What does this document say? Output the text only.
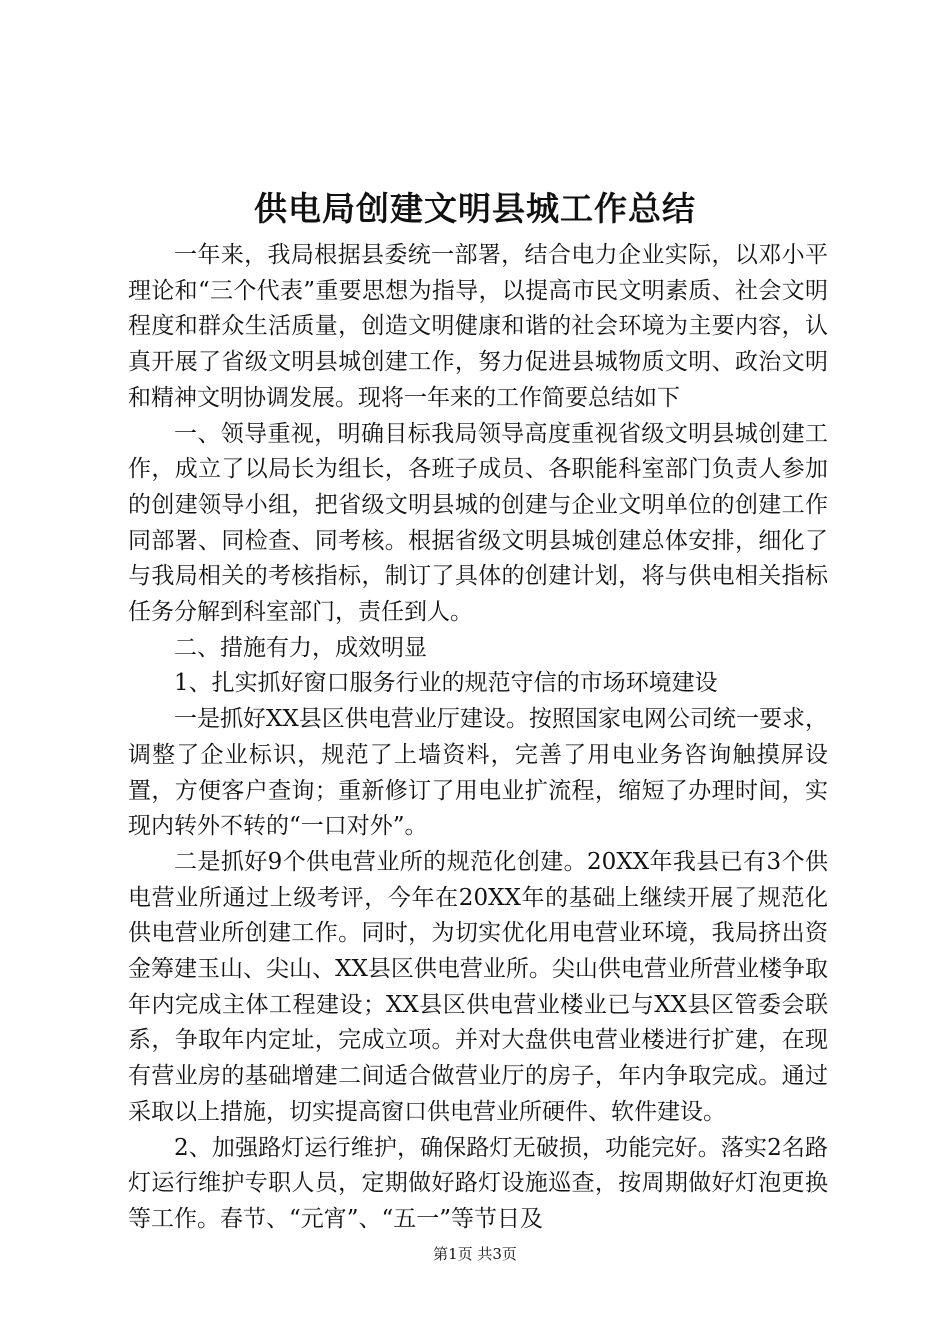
供电局创建文明县城工作总结

一年来，我局根据县委统一部署，结合电力企业实际，以邓小平理论和“三个代表”重要思想为指导，以提高市民文明素质、社会文明程度和群众生活质量，创造文明健康和谐的社会环境为主要内容，认真开展了省级文明县城创建工作，努力促进县城物质文明、政治文明和精神文明协调发展。现将一年来的工作简要总结如下

一、领导重视，明确目标我局领导高度重视省级文明县城创建工作，成立了以局长为组长，各班子成员、各职能科室部门负责人参加的创建领导小组，把省级文明县城的创建与企业文明单位的创建工作同部署、同检查、同考核。根据省级文明县城创建总体安排，细化了与我局相关的考核指标，制订了具体的创建计划，将与供电相关指标任务分解到科室部门，责任到人。

二、措施有力，成效明显

1、扎实抓好窗口服务行业的规范守信的市场环境建设

一是抓好XX县区供电营业厅建设。按照国家电网公司统一要求，调整了企业标识，规范了上墙资料，完善了用电业务咨询触摸屏设置，方便客户查询；重新修订了用电业扩流程，缩短了办理时间，实现内转外不转的“一口对外”。

二是抓好9个供电营业所的规范化创建。20XX年我县已有3个供电营业所通过上级考评，今年在20XX年的基础上继续开展了规范化供电营业所创建工作。同时，为切实优化用电营业环境，我局挤出资金筹建玉山、尖山、XX县区供电营业所。尖山供电营业所营业楼争取年内完成主体工程建设；XX县区供电营业楼业已与XX县区管委会联系，争取年内定址，完成立项。并对大盘供电营业楼进行扩建，在现有营业房的基础增建二间适合做营业厅的房子，年内争取完成。通过采取以上措施，切实提高窗口供电营业所硬件、软件建设。

2、加强路灯运行维护，确保路灯无破损，功能完好。落实2名路灯运行维护专职人员，定期做好路灯设施巡查，按周期做好灯泡更换等工作。春节、“元宵”、“五一”等节日及

第1页 共3页
